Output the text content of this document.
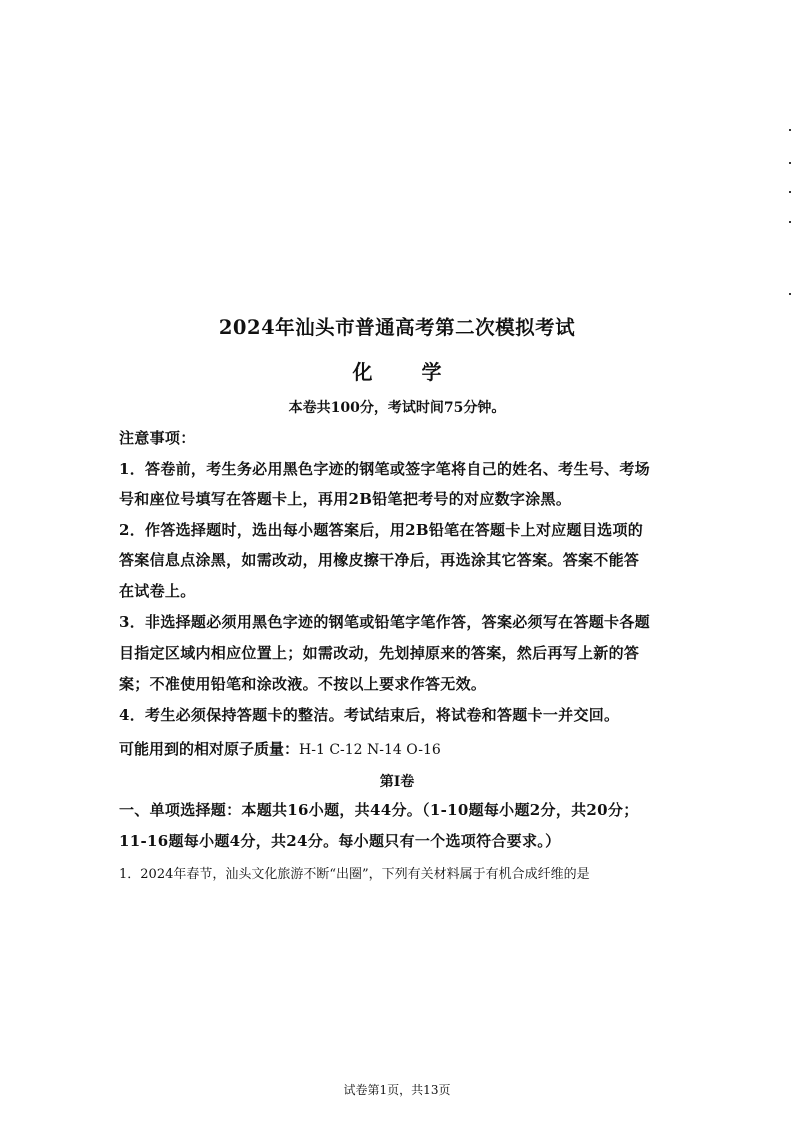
2024年汕头市普通高考第二次模拟考试
化 学
本卷共100分，考试时间75分钟。
注意事项：
1．答卷前，考生务必用黑色字迹的钢笔或签字笔将自己的姓名、考生号、考场
号和座位号填写在答题卡上，再用2B铅笔把考号的对应数字涂黑。
2．作答选择题时，选出每小题答案后，用2B铅笔在答题卡上对应题目选项的
答案信息点涂黑，如需改动，用橡皮擦干净后，再选涂其它答案。答案不能答
在试卷上。
3．非选择题必须用黑色字迹的钢笔或铅笔字笔作答，答案必须写在答题卡各题
目指定区域内相应位置上；如需改动，先划掉原来的答案，然后再写上新的答
案；不准使用铅笔和涂改液。不按以上要求作答无效。
4．考生必须保持答题卡的整洁。考试结束后，将试卷和答题卡一并交回。
可能用到的相对原子质量：H-1 C-12 N-14 O-16
第Ⅰ卷
一、单项选择题：本题共16小题，共44分。（1-10题每小题2分，共20分；
11-16题每小题4分，共24分。每小题只有一个选项符合要求。）
1．2024年春节，汕头文化旅游不断“出圈”，下列有关材料属于有机合成纤维的是
试卷第1页，共13页
